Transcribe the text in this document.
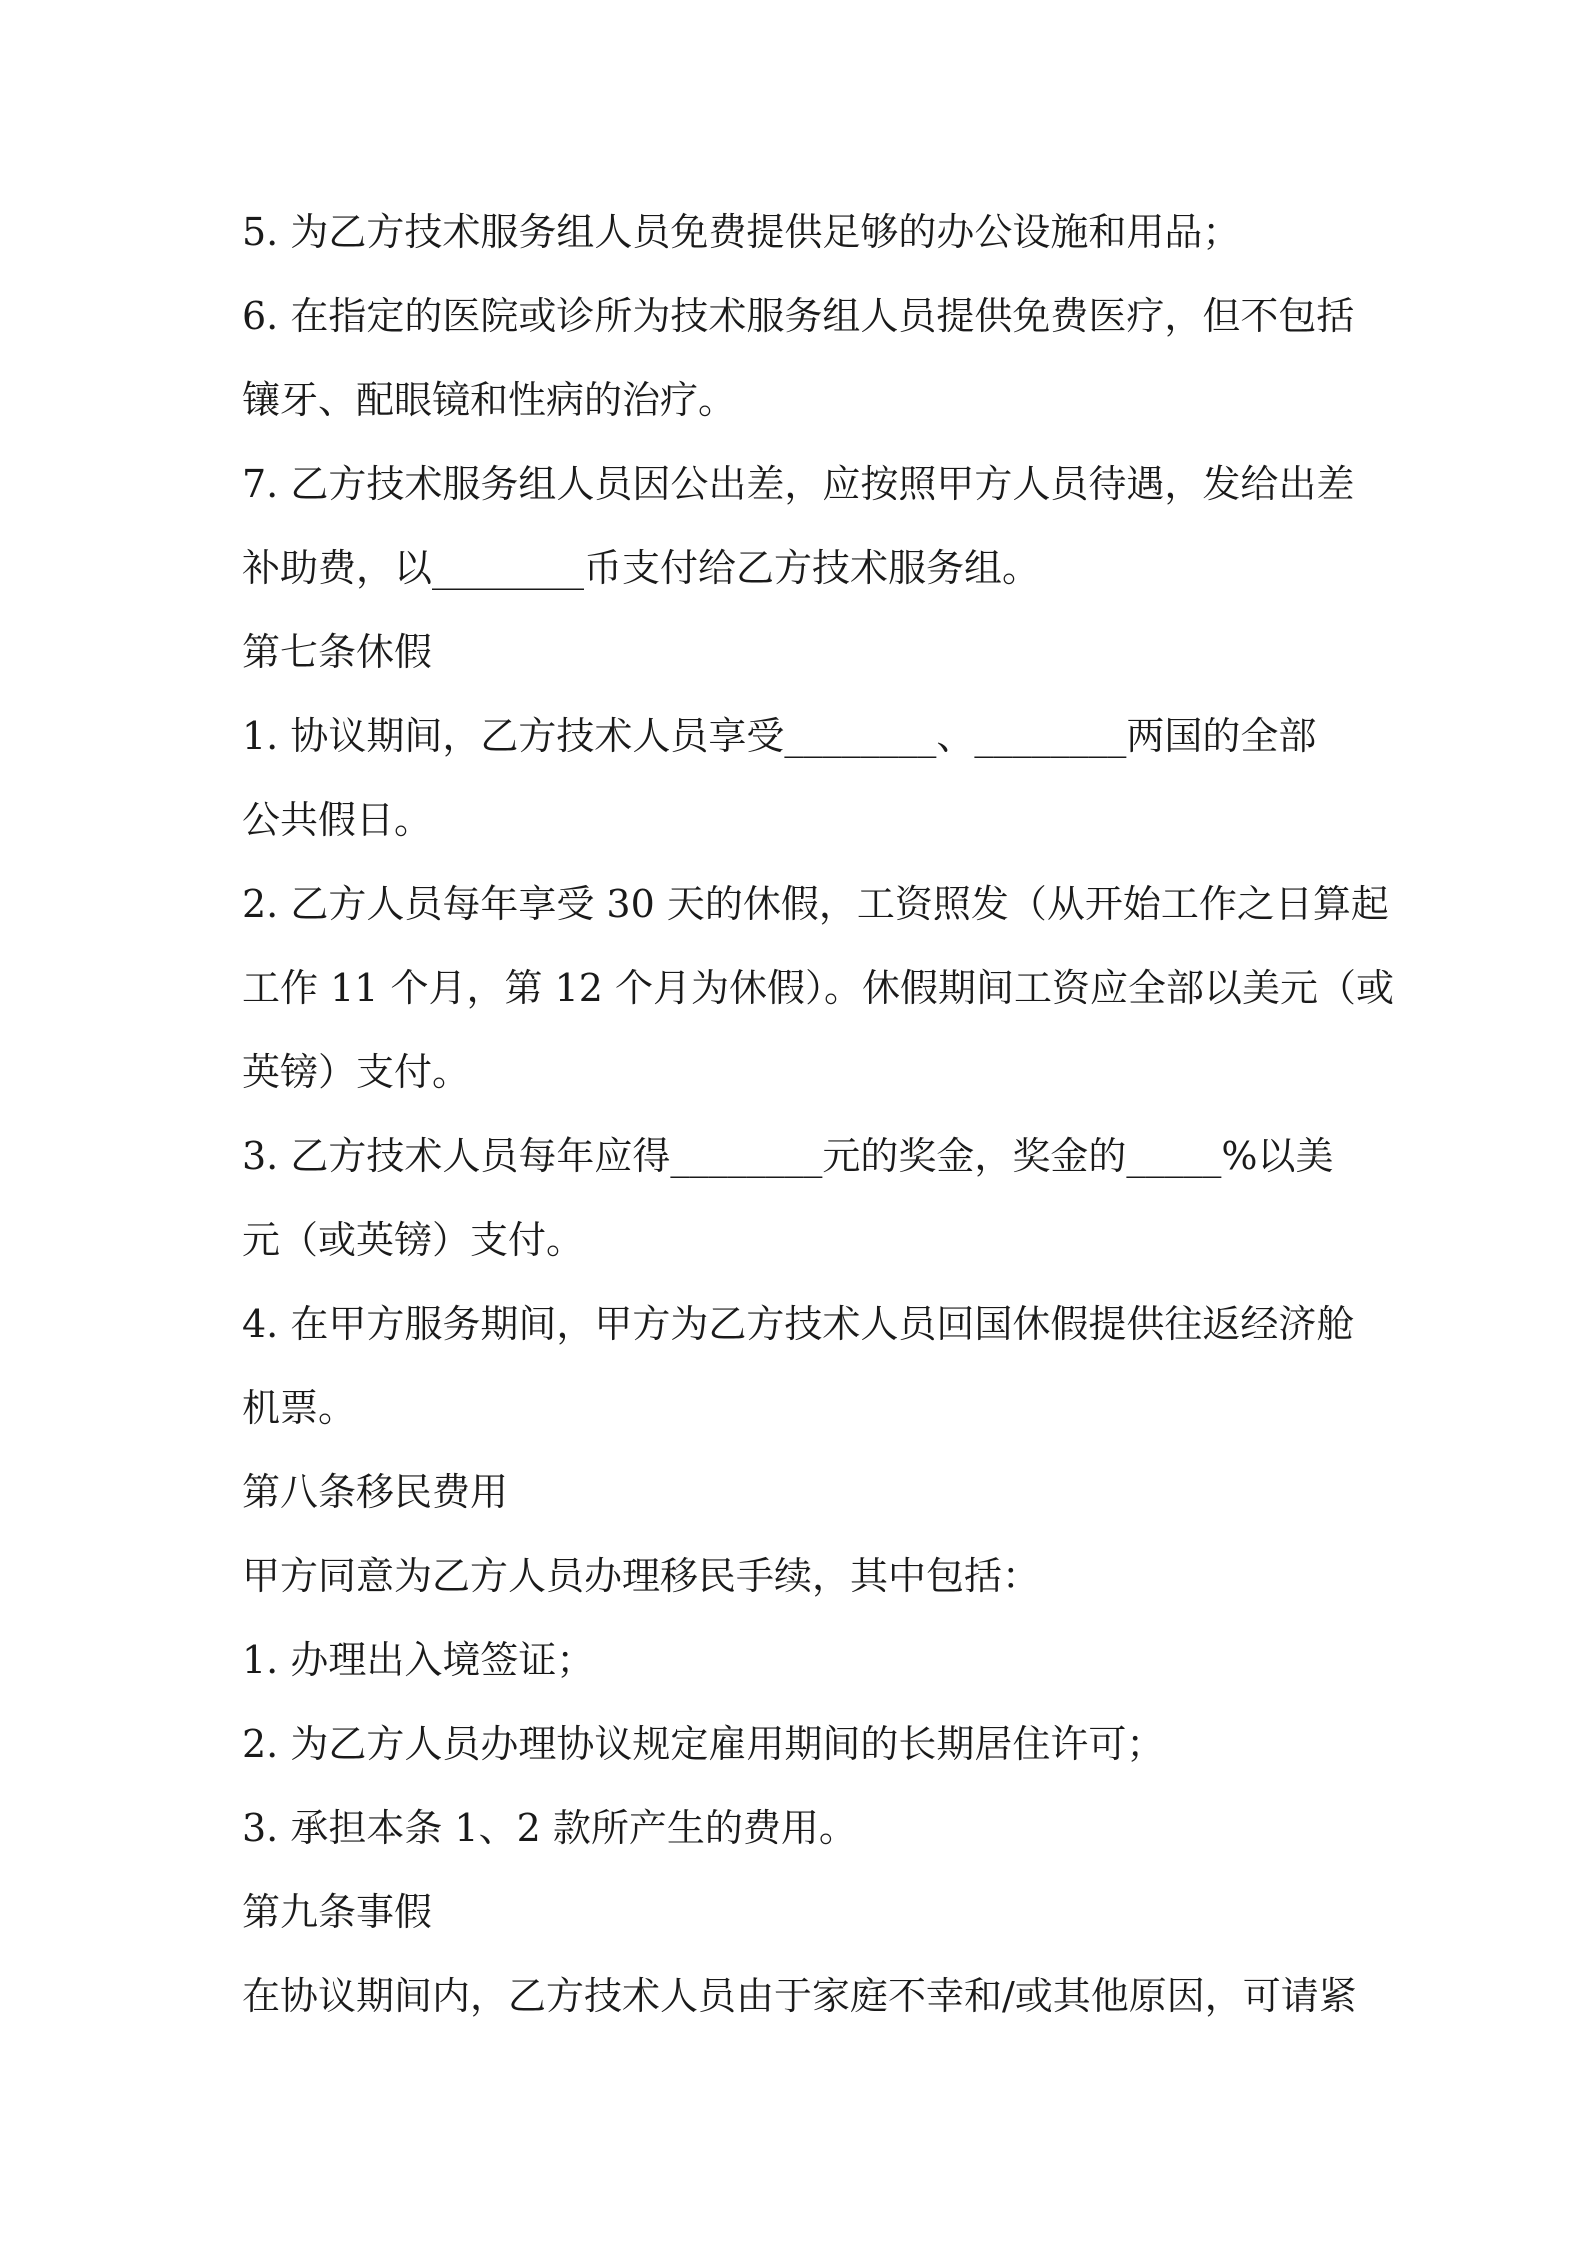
5. 为乙方技术服务组人员免费提供足够的办公设施和用品；

6. 在指定的医院或诊所为技术服务组人员提供免费医疗，但不包括

镶牙、配眼镜和性病的治疗。

7. 乙方技术服务组人员因公出差，应按照甲方人员待遇，发给出差

补助费，以________币支付给乙方技术服务组。

第七条休假

1. 协议期间，乙方技术人员享受________、________两国的全部

公共假日。

2. 乙方人员每年享受 30 天的休假，工资照发（从开始工作之日算起

工作 11 个月，第 12 个月为休假）。休假期间工资应全部以美元（或

英镑）支付。

3. 乙方技术人员每年应得________元的奖金，奖金的_____%以美

元（或英镑）支付。

4. 在甲方服务期间，甲方为乙方技术人员回国休假提供往返经济舱

机票。

第八条移民费用

甲方同意为乙方人员办理移民手续，其中包括：

1. 办理出入境签证；

2. 为乙方人员办理协议规定雇用期间的长期居住许可；

3. 承担本条 1、2 款所产生的费用。

第九条事假

在协议期间内，乙方技术人员由于家庭不幸和/或其他原因，可请紧
